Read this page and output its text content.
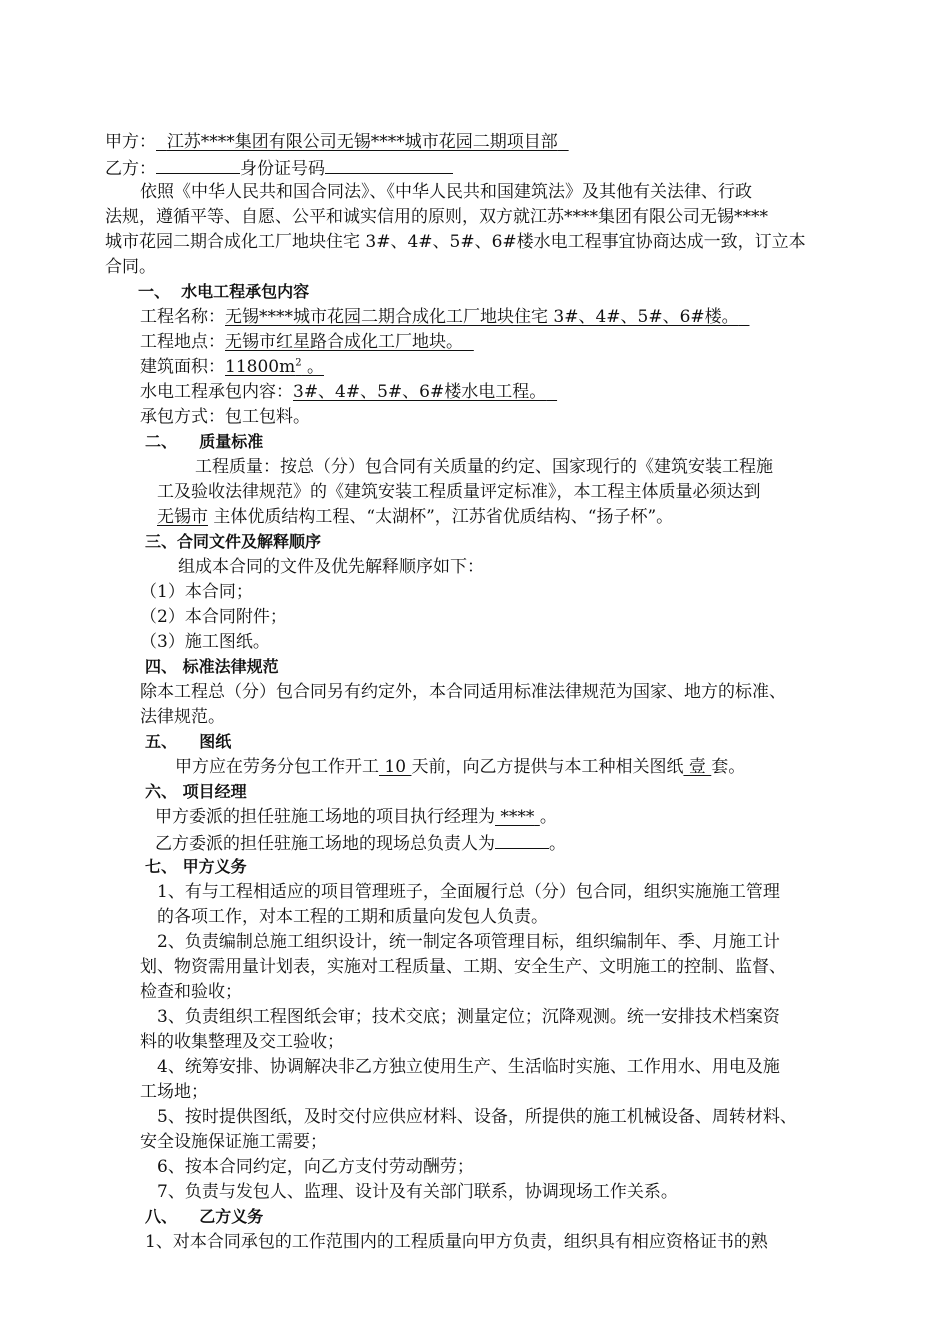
甲方： 江苏****集团有限公司无锡****城市花园二期项目部
乙方：	身份证号码
依照《中华人民共和国合同法》、《中华人民共和国建筑法》及其他有关法律、行政
法规，遵循平等、自愿、公平和诚实信用的原则，双方就江苏****集团有限公司无锡****
城市花园二期合成化工厂地块住宅 3#、4#、5#、6#楼水电工程事宜协商达成一致，订立本
合同。
一、  水电工程承包内容
工程名称：无锡****城市花园二期合成化工厂地块住宅 3#、4#、5#、6#楼。
工程地点：无锡市红星路合成化工厂地块。
建筑面积：$11800m^2$ 。
水电工程承包内容：3#、4#、5#、6#楼水电工程。
承包方式：包工包料。
二、    质量标准
工程质量：按总（分）包合同有关质量的约定、国家现行的《建筑安装工程施
工及验收法律规范》的《建筑安装工程质量评定标准》，本工程主体质量必须达到
无锡市 主体优质结构工程、“太湖杯”，江苏省优质结构、“扬子杯”。
三、合同文件及解释顺序
组成本合同的文件及优先解释顺序如下：
（1）本合同；
（2）本合同附件；
（3）施工图纸。
四、 标准法律规范
除本工程总（分）包合同另有约定外，本合同适用标准法律规范为国家、地方的标准、
法律规范。
五、    图纸
甲方应在劳务分包工作开工 10 天前，向乙方提供与本工种相关图纸 壹 套。
六、 项目经理
甲方委派的担任驻施工场地的项目执行经理为 **** 。
乙方委派的担任驻施工场地的现场总负责人为	。
七、 甲方义务
1、有与工程相适应的项目管理班子，全面履行总（分）包合同，组织实施施工管理
的各项工作，对本工程的工期和质量向发包人负责。
2、负责编制总施工组织设计，统一制定各项管理目标，组织编制年、季、月施工计
划、物资需用量计划表，实施对工程质量、工期、安全生产、文明施工的控制、监督、
检查和验收；
3、负责组织工程图纸会审；技术交底；测量定位；沉降观测。统一安排技术档案资
料的收集整理及交工验收；
4、统筹安排、协调解决非乙方独立使用生产、生活临时实施、工作用水、用电及施
工场地；
5、按时提供图纸，及时交付应供应材料、设备，所提供的施工机械设备、周转材料、
安全设施保证施工需要；
6、按本合同约定，向乙方支付劳动酬劳；
7、负责与发包人、监理、设计及有关部门联系，协调现场工作关系。
八、    乙方义务
1、对本合同承包的工作范围内的工程质量向甲方负责，组织具有相应资格证书的熟
